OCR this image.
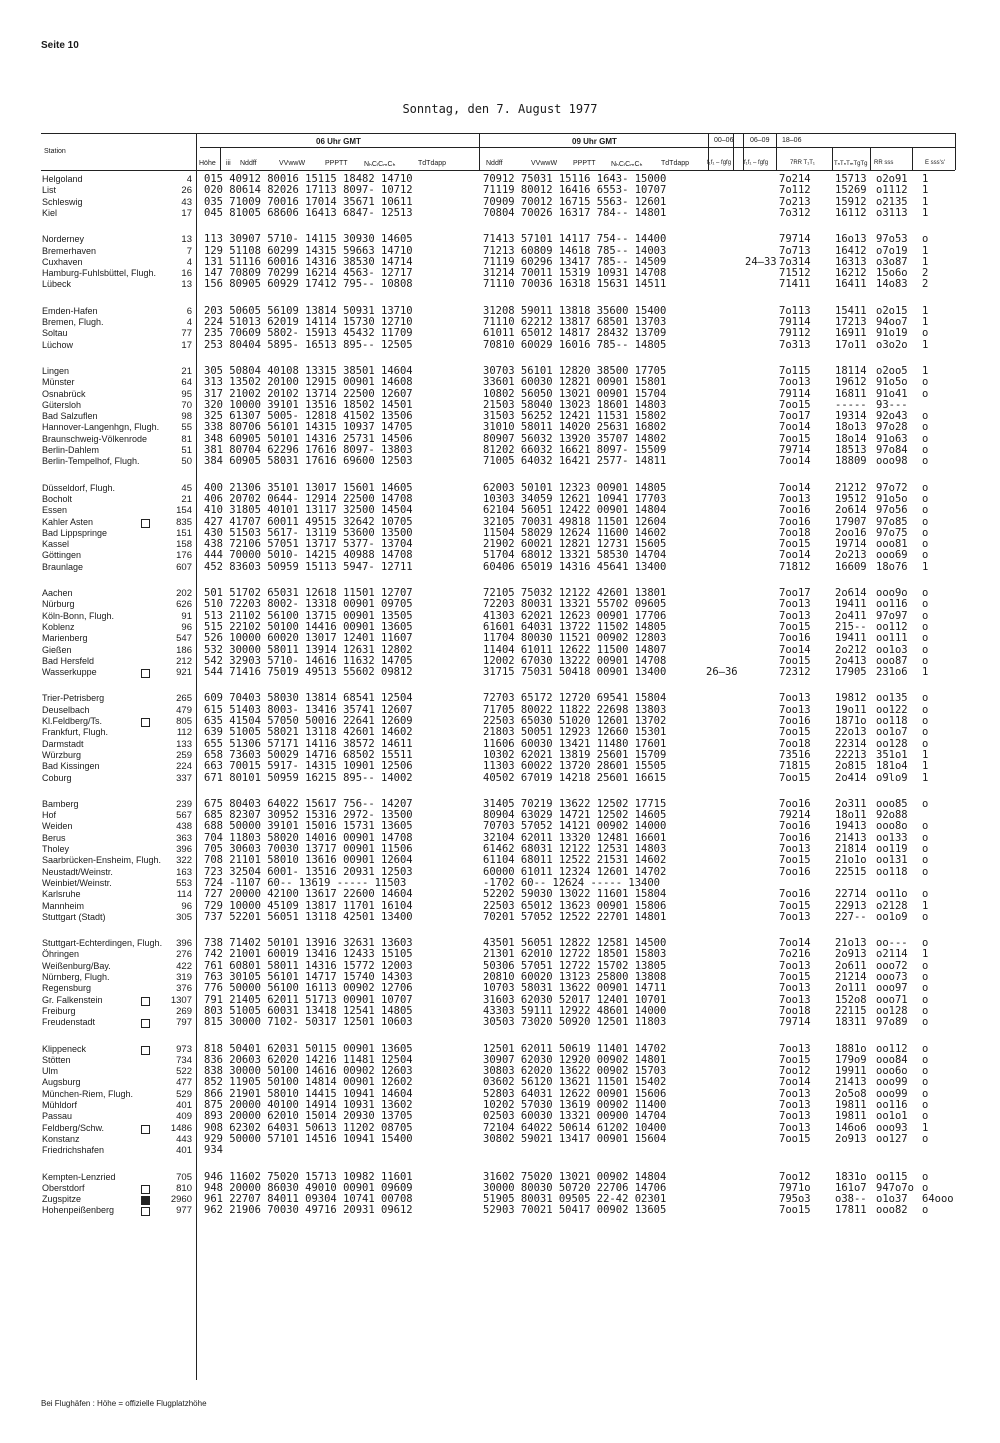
Seite 10
Sonntag, den 7. August 1977
Station
Höhe iii
06 Uhr GMT	09 Uhr GMT
Nddff	VVwwW	PPPTT NₕCₗCₘCₕ	TdTdapp	Nddff	VVwwW PPPTT NₕCₗCₘCₕ	TdTdapp
00–06 06–09 18–06
f₁f₁ – fgfg f₁f₁ – fgfg	7RR T₁T₁	TₙTₙTₘTgTg RR sss	E sss's'
Helgoland	4 015 40912 80016 15115 18482 14710	70912 75031 15116 1643- 15000	7o214 15713 o2o91 1
List	26 020 80614 82026 17113 8097- 10712	71119 80012 16416 6553- 10707	7o112 15269 o1112 1
Schleswig	43 035 71009 70016 17014 35671 10611	70909 70012 16715 5563- 12601	7o213 15912 o2135 1
Kiel	17 045 81005 68606 16413 6847- 12513	70804 70026 16317 784-- 14801	7o312 16112 o3113 1
Norderney	13 113 30907 5710- 14115 30930 14605	71413 57101 14117 754-- 14400	79714 16o13 97o53 o
Bremerhaven	7 129 51108 60299 14315 59663 14710	71213 60809 14618 785-- 14003	7o713 16412 o7o19 1
Cuxhaven	4 131 51116 60016 14316 38530 14714	71119 60296 13417 785-- 14509	24–33 7o314 16313 o3o87 1
Hamburg-Fuhlsbüttel, Flugh.	16 147 70809 70299 16214 4563- 12717	31214 70011 15319 10931 14708	71512 16212 15o6o 2
Lübeck	13 156 80905 60929 17412 795-- 10808	71110 70036 16318 15631 14511	71411 16411 14o83 2
Emden-Hafen	6 203 50605 56109 13814 50931 13710	31208 59011 13818 35600 15400	7o113 15411 o2o15 1
Bremen, Flugh.	4 224 51013 62019 14114 15730 12710	71110 62212 13817 68501 13703	79114 17213 94oo7 1
Soltau	77 235 70609 5802- 15913 45432 11709	61011 65012 14817 28432 13709	79112 16911 91o19 o
Lüchow	17 253 80404 5895- 16513 895-- 12505	70810 60029 16016 785-- 14805	7o313 17o11 o3o2o 1
Lingen	21 305 50804 40108 13315 38501 14604	30703 56101 12820 38500 17705	7o115 18114 o2oo5 1
Münster	64 313 13502 20100 12915 00901 14608	33601 60030 12821 00901 15801	7oo13 19612 91o5o o
Osnabrück	95 317 21002 20102 13714 22500 12607	10802 56050 13021 00901 15704	79114 16811 91o41 o
Gütersloh	70 320 10000 39101 13516 18502 14501	21503 58040 13023 18601 14803	7oo15 ----- 93---
Bad Salzuflen	98 325 61307 5005- 12818 41502 13506	31503 56252 12421 11531 15802	7oo17 19314 92o43 o
Hannover-Langenhgn, Flugh. 55 338 80706 56101 14315 10937 14705	31010 58011 14020 25631 16802	7oo14 18o13 97o28 o
Braunschweig-Völkenrode	81 348 60905 50101 14316 25731 14506	80907 56032 13920 35707 14802	7oo15 18o14 91o63 o
Berlin-Dahlem	51 381 80704 62296 17616 8097- 13803	81202 66032 16621 8097- 15509	79714 18513 97o84 o
Berlin-Tempelhof, Flugh.	50 384 60905 58031 17616 69600 12503	71005 64032 16421 2577- 14811	7oo14 18809 ooo98 o
Düsseldorf, Flugh.	45 400 21306 35101 13017 15601 14605	62003 50101 12323 00901 14805	7oo14 21212 97o72 o
Bocholt	21 406 20702 0644- 12914 22500 14708	10303 34059 12621 10941 17703	7oo13 19512 91o5o o
Essen	154 410 31805 40101 13117 32500 14504	62104 56051 12422 00901 14804	7oo16 2o614 97o56 o
Kahler Asten	835 427 41707 60011 49515 32642 10705	32105 70031 49818 11501 12604	7oo16 17907 97o85 o
Bad Lippspringe	151 430 51503 5617- 13119 53600 13500	11504 58029 12624 11600 14602	7oo18 2oo16 97o75 o
Kassel	158 438 72106 57051 13717 5377- 13704	21902 60021 12821 12731 15605	7oo15 19714 ooo81 o
Göttingen	176 444 70000 5010- 14215 40988 14708	51704 68012 13321 58530 14704	7oo14 2o213 ooo69 o
Braunlage	607 452 83603 50959 15113 5947- 12711	60406 65019 14316 45641 13400	71812 16609 18o76 1
Aachen	202 501 51702 65031 12618 11501 12707	72105 75032 12122 42601 13801	7oo17 2o614 ooo9o o
Nürburg	626 510 72203 8002- 13318 00901 09705	72203 80031 13321 55702 09605	7oo13 19411 oo116 o
Köln-Bonn, Flugh.	91 513 21102 56100 13715 00901 13505	41303 62021 12623 00901 17706	7oo13 2o411 97o97 o
Koblenz	96 515 22102 50100 14416 00901 13605	61601 64031 13722 11502 14805	7oo15 215-- oo112 o
Marienberg	547 526 10000 60020 13017 12401 11607	11704 80030 11521 00902 12803	7oo16 19411 oo111 o
Gießen	186 532 30000 58011 13914 12631 12802	11404 61011 12622 11500 14807	7oo14 2o212 oo1o3 o
Bad Hersfeld	212 542 32903 5710- 14616 11632 14705	12002 67030 13222 00901 14708	7oo15 2o413 ooo87 o
Wasserkuppe	921 544 71416 75019 49513 55602 09812	31715 75031 50418 00901 13400	26–36	72312 17905 231o6 1
Trier-Petrisberg	265 609 70403 58030 13814 68541 12504	72703 65172 12720 69541 15804	7oo13 19812 oo135 o
Deuselbach	479 615 51403 8003- 13416 35741 12607	71705 80022 11822 22698 13803	7oo13 19o11 oo122 o
Kl.Feldberg/Ts.	805 635 41504 57050 50016 22641 12609	22503 65030 51020 12601 13702	7oo16 1871o oo118 o
Frankfurt, Flugh.	112 639 51005 58021 13118 42601 14602	21803 50051 12923 12660 15301	7oo15 22o13 oo1o7 o
Darmstadt	133 655 51306 57171 14116 38572 14611	11606 60030 13421 11480 17601	7oo18 22314 oo128 o
Würzburg	259 658 73603 50029 14716 68502 15511	10302 62021 13819 25601 15709	73516 22213 351o1 1
Bad Kissingen	224 663 70015 5917- 14315 10901 12506	11303 60022 13720 28601 15505	71815 2o815 181o4 1
Coburg	337 671 80101 50959 16215 895-- 14002	40502 67019 14218 25601 16615	7oo15 2o414 o9lo9 1
Bamberg	239 675 80403 64022 15617 756-- 14207	31405 70219 13622 12502 17715	7oo16 2o311 ooo85 o
Hof	567 685 82307 30952 15316 2972- 13500	80904 63029 14721 12502 14605	79214 18o11 92o88
Weiden	438 688 50000 39101 15016 15731 13605	70703 57052 14121 00902 14000	7oo16 19413 ooo8o o
Berus	363 704 11803 58020 14016 00901 14708	32104 62011 13320 12481 16601	7oo16 21413 oo133 o
Tholey	396 705 30603 70030 13717 00901 11506	61462 68031 12122 12531 14803	7oo13 21814 oo119 o
Saarbrücken-Ensheim, Flugh. 322 708 21101 58010 13616 00901 12604	61104 68011 12522 21531 14602	7oo15 21o1o oo131 o
Neustadt/Weinstr.	163 723 32504 6001- 13516 20931 12503	60000 61011 12324 12601 14702	7oo16 22515 oo118 o
Weinbiet/Weinstr.	553 724 -1107 60-- 13619 ----- 11503	-1702 60-- 12624 ----- 13400
Karlsruhe	114 727 20000 42100 13617 22600 14604	52202 59030 13022 11601 15804	7oo16 22714 oo11o o
Mannheim	96 729 10000 45109 13817 11701 16104	22503 65012 13623 00901 15806	7oo15 22913 o2128 1
Stuttgart (Stadt)	305 737 52201 56051 13118 42501 13400	70201 57052 12522 22701 14801	7oo13 227-- oo1o9 o
Stuttgart-Echterdingen, Flugh. 396 738 71402 50101 13916 32631 13603	43501 56051 12822 12581 14500	7oo14 21o13 oo--- o
Öhringen	276 742 21001 60019 13416 12433 15105	21301 62010 12722 18501 15803	7o216 2o913 o2114 1
Weißenburg/Bay.	422 761 60801 58011 14316 15772 12003	50306 57051 12722 15702 13805	7oo13 2o611 ooo72 o
Nürnberg, Flugh.	319 763 30105 56101 14717 15740 14303	20810 60020 13123 25800 13808	7oo15 21214 ooo73 o
Regensburg	376 776 50000 56100 16113 00902 12706	10703 58031 13622 00901 14711	7oo13 2o111 ooo97 o
Gr. Falkenstein	1307 791 21405 62011 51713 00901 10707	31603 62030 52017 12401 10701	7oo13 152o8 ooo71 o
Freiburg	269 803 51005 60031 13418 12541 14805	43303 59111 12922 48601 14000	7oo18 22115 oo128 o
Freudenstadt	797 815 30000 7102- 50317 12501 10603	30503 73020 50920 12501 11803	79714 18311 97o89 o
Klippeneck	973 818 50401 62031 50115 00901 13605	12501 62011 50619 11401 14702	7oo13 1881o oo112 o
Stötten	734 836 20603 62020 14216 11481 12504	30907 62030 12920 00902 14801	7oo15 179o9 ooo84 o
Ulm	522 838 30000 50100 14616 00902 12603	30803 62020 13622 00902 15703	7oo12 19911 ooo6o o
Augsburg	477 852 11905 50100 14814 00901 12602	03602 56120 13621 11501 15402	7oo14 21413 ooo99 o
München-Riem, Flugh.	529 866 21901 58010 14415 10941 14604	52803 64031 12622 00901 15606	7oo13 2o5o8 ooo99 o
Mühldorf	401 875 20000 40100 14914 10931 13602	10202 57030 13619 00902 11400	7oo13 19811 oo116 o
Passau	409 893 20000 62010 15014 20930 13705	02503 60030 13321 00900 14704	7oo13 19811 oo1o1 o
Feldberg/Schw.	1486 908 62302 64031 50613 11202 08705	72104 64022 50614 61202 10400	7oo13 146o6 ooo93 1
Konstanz	443 929 50000 57101 14516 10941 15400	30802 59021 13417 00901 15604	7oo15 2o913 oo127 o
Friedrichshafen	401 934
Kempten-Lenzried	705 946 11602 75020 15713 10982 11601	31602 75020 13021 00902 14804	7oo12 1831o oo115 o
Oberstdorf	810 948 20000 86030 49010 00901 09609	30000 80030 50720 22706 14706	7971o 161o7 947o7o o
Zugspitze	2960 961 22707 84011 09304 10741 00708	51905 80031 09505 22-42 02301	795o3 o38-- o1o37 64ooo
Hohenpeißenberg	977 962 21906 70030 49716 20931 09612	52903 70021 50417 00902 13605	7oo15 17811 ooo82 o
Bei Flughäfen : Höhe = offizielle Flugplatzhöhe
